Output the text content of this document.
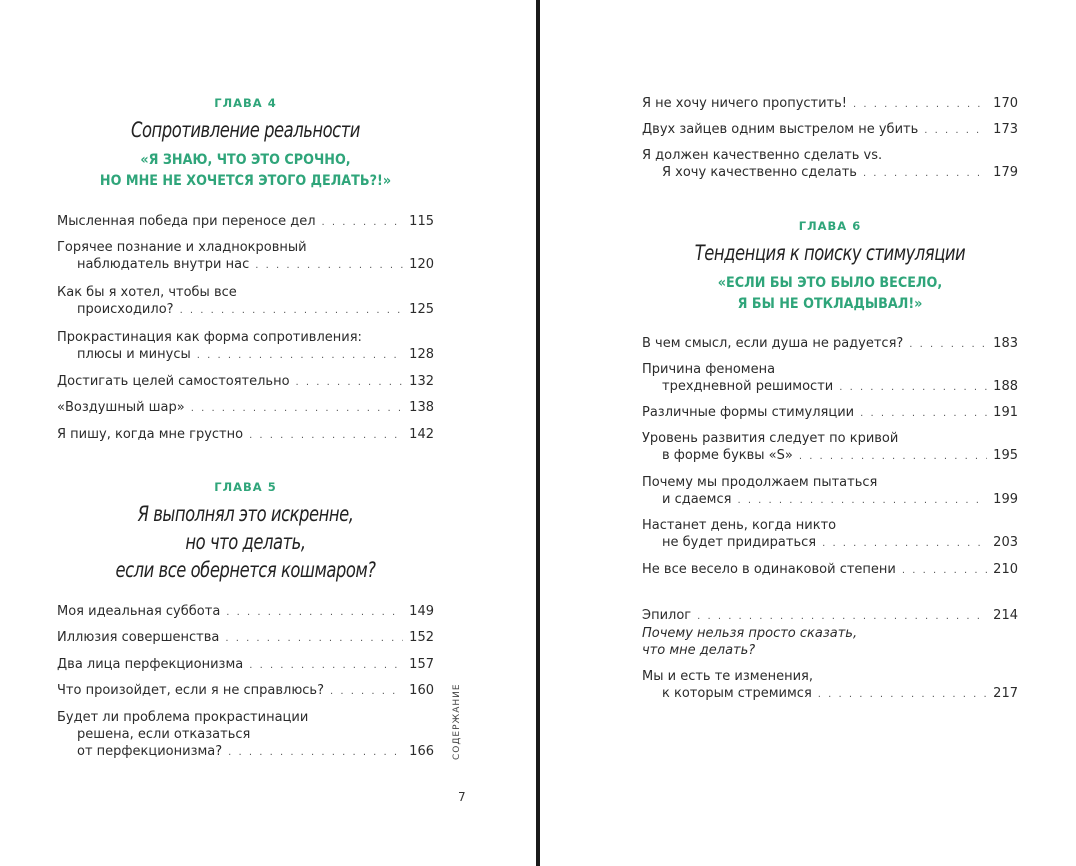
ГЛАВА 4
Сопротивление реальности
«Я ЗНАЮ, ЧТО ЭТО СРОЧНО,
НО МНЕ НЕ ХОЧЕТСЯ ЭТОГО ДЕЛАТЬ?!»
Мысленная победа при переносе дел . . .	115
Горячее познание и хладнокровный
наблюдатель внутри нас . . .	120
Как бы я хотел, чтобы все
происходило? . . .	125
Прокрастинация как форма сопротивления:
плюсы и минусы . . .	128
Достигать целей самостоятельно . . .	132
«Воздушный шар» . . .	138
Я пишу, когда мне грустно . . .	142
ГЛАВА 5
Я выполнял это искренне,
но что делать,
если все обернется кошмаром?
Моя идеальная суббота . . .	149
Иллюзия совершенства . . .	152
Два лица перфекционизма . . .	157
Что произойдет, если я не справлюсь? . . .	160
Будет ли проблема прокрастинации
решена, если отказаться
от перфекционизма? . . .	166 СОДЕРЖАНИЕ
7
Я не хочу ничего пропустить! . . .	170
Двух зайцев одним выстрелом не убить . . .	173
Я должен качественно сделать vs.
Я хочу качественно сделать . . .	179
ГЛАВА 6
Тенденция к поиску стимуляции
«ЕСЛИ БЫ ЭТО БЫЛО ВЕСЕЛО,
Я БЫ НЕ ОТКЛАДЫВАЛ!»
В чем смысл, если душа не радуется? . . .	183
Причина феномена
трехдневной решимости . . .	188
Различные формы стимуляции . . .	191
Уровень развития следует по кривой
в форме буквы «S» . . .	195
Почему мы продолжаем пытаться
и сдаемся . . .	199
Настанет день, когда никто
не будет придираться . . .	203
Не все весело в одинаковой степени . . .	210
Эпилог . . .	214
Почему нельзя просто сказать,
что мне делать?
Мы и есть те изменения,
к которым стремимся . . .	217
